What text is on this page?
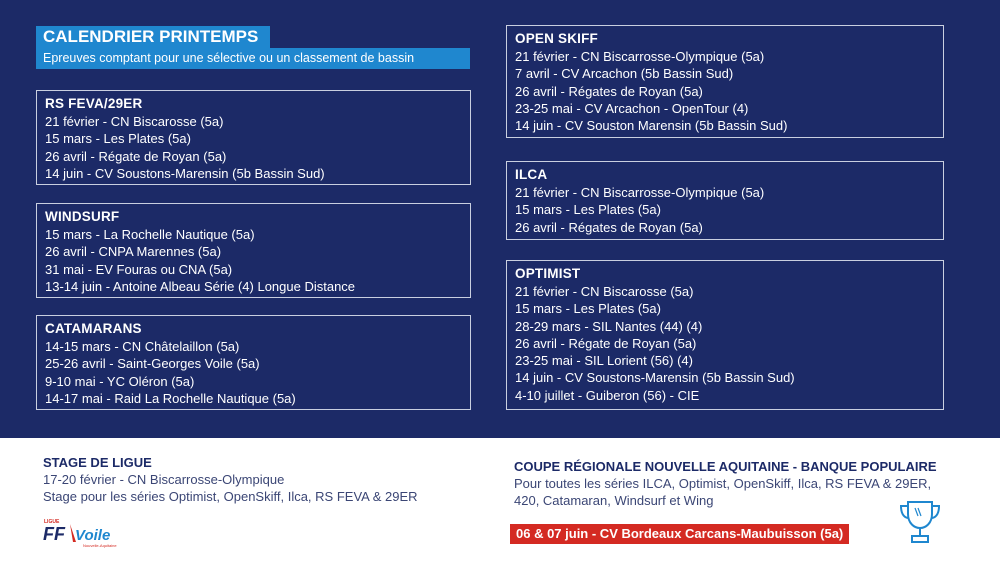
CALENDRIER PRINTEMPS
Epreuves comptant pour une sélective ou un classement de bassin
RS FEVA/29ER
21 février - CN Biscarosse (5a)
15 mars - Les Plates (5a)
26 avril - Régate de Royan (5a)
14 juin - CV Soustons-Marensin (5b Bassin Sud)
WINDSURF
15 mars - La Rochelle Nautique (5a)
26 avril - CNPA Marennes (5a)
31 mai - EV Fouras ou CNA (5a)
13-14 juin - Antoine Albeau Série (4) Longue Distance
CATAMARANS
14-15 mars - CN Châtelaillon (5a)
25-26 avril - Saint-Georges Voile (5a)
9-10 mai - YC Oléron (5a)
14-17 mai - Raid La Rochelle Nautique (5a)
OPEN SKIFF
21 février - CN Biscarrosse-Olympique (5a)
7 avril - CV Arcachon (5b Bassin Sud)
26 avril - Régates de Royan (5a)
23-25 mai - CV Arcachon - OpenTour (4)
14 juin - CV Souston Marensin (5b Bassin Sud)
ILCA
21 février - CN Biscarrosse-Olympique (5a)
15 mars - Les Plates (5a)
26 avril - Régates de Royan (5a)
OPTIMIST
21 février - CN Biscarosse (5a)
15 mars - Les Plates (5a)
28-29 mars - SIL Nantes (44) (4)
26 avril - Régate de Royan (5a)
23-25 mai - SIL Lorient (56) (4)
14 juin - CV Soustons-Marensin (5b Bassin Sud)
4-10 juillet - Guiberon (56) - CIE
STAGE DE LIGUE

17-20 février - CN Biscarrosse-Olympique

Stage pour les séries Optimist, OpenSkiff, Ilca, RS FEVA & 29ER

LIGUE
FF Voile
Nouvelle-Aquitaine
COUPE RÉGIONALE NOUVELLE AQUITAINE - BANQUE POPULAIRE

Pour toutes les séries ILCA, Optimist, OpenSkiff, Ilca, RS FEVA & 29ER, 420, Catamaran, Windsurf et Wing

06 & 07 juin - CV Bordeaux Carcans-Maubuisson (5a)
